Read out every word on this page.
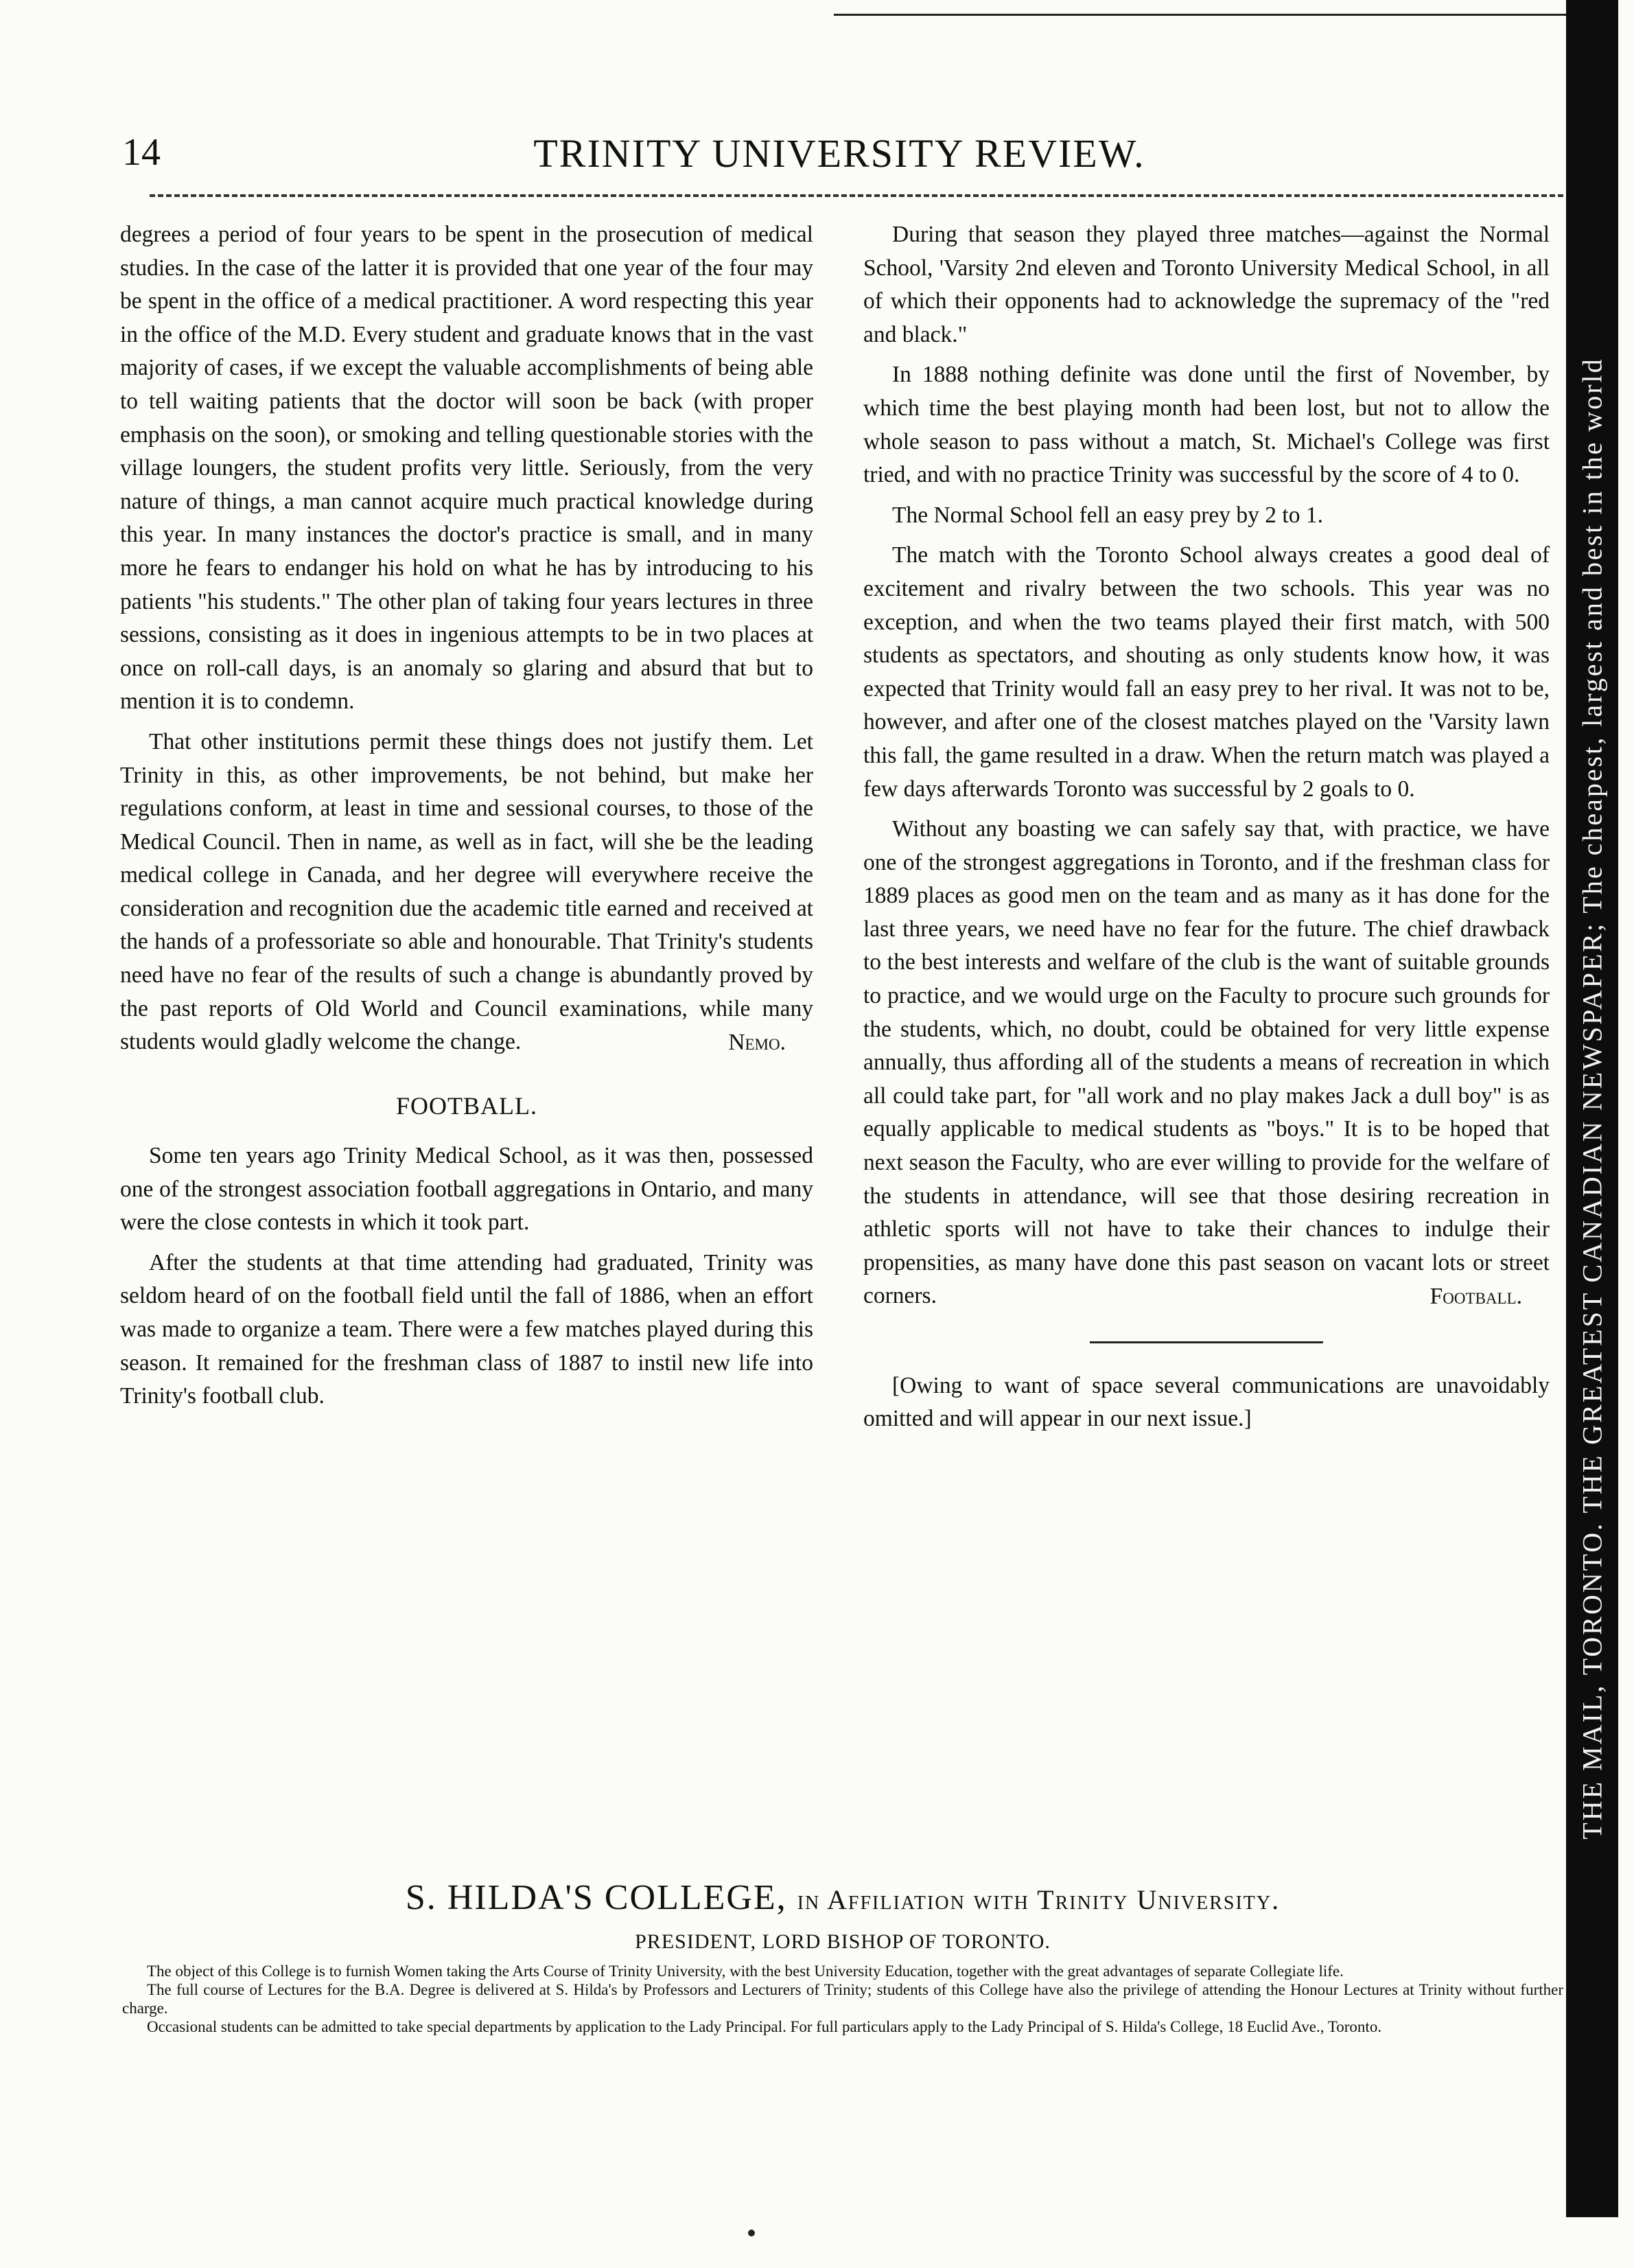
14	TRINITY UNIVERSITY REVIEW.

degrees a period of four years to be spent in the prosecution of medical studies. In the case of the latter it is provided that one year of the four may be spent in the office of a medical practitioner. A word respecting this year in the office of the M.D. Every student and graduate knows that in the vast majority of cases, if we except the valuable accomplishments of being able to tell waiting patients that the doctor will soon be back (with proper emphasis on the soon), or smoking and telling questionable stories with the village loungers, the student profits very little. Seriously, from the very nature of things, a man cannot acquire much practical knowledge during this year. In many instances the doctor's practice is small, and in many more he fears to endanger his hold on what he has by introducing to his patients "his students." The other plan of taking four years lectures in three sessions, consisting as it does in ingenious attempts to be in two places at once on roll-call days, is an anomaly so glaring and absurd that but to mention it is to condemn.

That other institutions permit these things does not justify them. Let Trinity in this, as other improvements, be not behind, but make her regulations conform, at least in time and sessional courses, to those of the Medical Council. Then in name, as well as in fact, will she be the leading medical college in Canada, and her degree will everywhere receive the consideration and recognition due the academic title earned and received at the hands of a professoriate so able and honourable. That Trinity's students need have no fear of the results of such a change is abundantly proved by the past reports of Old World and Council examinations, while many students would gladly welcome the change.	Nemo.
FOOTBALL.

Some ten years ago Trinity Medical School, as it was then, possessed one of the strongest association football aggregations in Ontario, and many were the close contests in which it took part.

After the students at that time attending had graduated, Trinity was seldom heard of on the football field until the fall of 1886, when an effort was made to organize a team. There were a few matches played during this season. It remained for the freshman class of 1887 to instil new life into Trinity's football club.

During that season they played three matches—against the Normal School, 'Varsity 2nd eleven and Toronto University Medical School, in all of which their opponents had to acknowledge the supremacy of the "red and black."

In 1888 nothing definite was done until the first of November, by which time the best playing month had been lost, but not to allow the whole season to pass without a match, St. Michael's College was first tried, and with no practice Trinity was successful by the score of 4 to 0.

The Normal School fell an easy prey by 2 to 1.

The match with the Toronto School always creates a good deal of excitement and rivalry between the two schools. This year was no exception, and when the two teams played their first match, with 500 students as spectators, and shouting as only students know how, it was expected that Trinity would fall an easy prey to her rival. It was not to be, however, and after one of the closest matches played on the 'Varsity lawn this fall, the game resulted in a draw. When the return match was played a few days afterwards Toronto was successful by 2 goals to 0.

Without any boasting we can safely say that, with practice, we have one of the strongest aggregations in Toronto, and if the freshman class for 1889 places as good men on the team and as many as it has done for the last three years, we need have no fear for the future. The chief drawback to the best interests and welfare of the club is the want of suitable grounds to practice, and we would urge on the Faculty to procure such grounds for the students, which, no doubt, could be obtained for very little expense annually, thus affording all of the students a means of recreation in which all could take part, for "all work and no play makes Jack a dull boy" is as equally applicable to medical students as "boys." It is to be hoped that next season the Faculty, who are ever willing to provide for the welfare of the students in attendance, will see that those desiring recreation in athletic sports will not have to take their chances to indulge their propensities, as many have done this past season on vacant lots or street corners.	Football.

[Owing to want of space several communications are unavoidably omitted and will appear in our next issue.]	THE MAIL, TORONTO. THE GREATEST CANADIAN NEWSPAPER; The cheapest, largest and best in the world
S. HILDA'S COLLEGE, in Affiliation with Trinity University.
PRESIDENT, LORD BISHOP OF TORONTO.

The object of this College is to furnish Women taking the Arts Course of Trinity University, with the best University Education, together with the great advantages of separate Collegiate life.

The full course of Lectures for the B.A. Degree is delivered at S. Hilda's by Professors and Lecturers of Trinity; students of this College have also the privilege of attending the Honour Lectures at Trinity without further charge.

Occasional students can be admitted to take special departments by application to the Lady Principal. For full particulars apply to the Lady Principal of S. Hilda's College, 18 Euclid Ave., Toronto.
